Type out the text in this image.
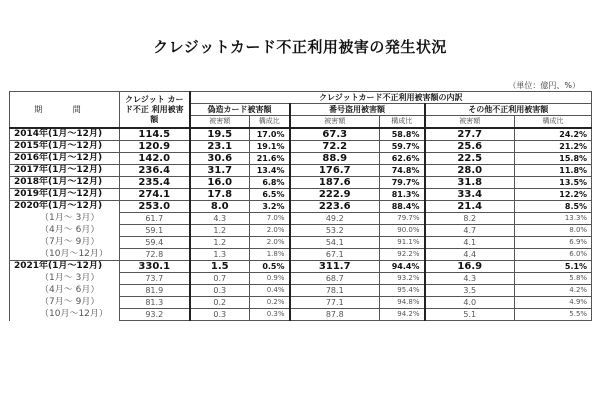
クレジットカード不正利用被害の発生状況
（単位：億円、%）
期 間	クレジット カード不正 利用被害額	クレジットカード不正利用被害額の内訳					
		偽造カード被害額		番号盗用被害額		その他不正利用被害額	
		被害額	構成比	被害額	構成比	被害額	構成比
2014年(1月〜12月)	114.5	19.5	17.0%	67.3	58.8%	27.7	24.2%
2015年(1月〜12月)	120.9	23.1	19.1%	72.2	59.7%	25.6	21.2%
2016年(1月〜12月)	142.0	30.6	21.6%	88.9	62.6%	22.5	15.8%
2017年(1月〜12月)	236.4	31.7	13.4%	176.7	74.8%	28.0	11.8%
2018年(1月〜12月)	235.4	16.0	6.8%	187.6	79.7%	31.8	13.5%
2019年(1月〜12月)	274.1	17.8	6.5%	222.9	81.3%	33.4	12.2%
2020年(1月〜12月)	253.0	8.0	3.2%	223.6	88.4%	21.4	8.5%
（1月〜 3月）	61.7	4.3	7.0%	49.2	79.7%	8.2	13.3%
（4月〜 6月）	59.1	1.2	2.0%	53.2	90.0%	4.7	8.0%
（7月〜 9月）	59.4	1.2	2.0%	54.1	91.1%	4.1	6.9%
（10月〜12月）	72.8	1.3	1.8%	67.1	92.2%	4.4	6.0%
2021年(1月〜12月)	330.1	1.5	0.5%	311.7	94.4%	16.9	5.1%
（1月〜 3月）	73.7	0.7	0.9%	68.7	93.2%	4.3	5.8%
（4月〜 6月）	81.9	0.3	0.4%	78.1	95.4%	3.5	4.2%
（7月〜 9月）	81.3	0.2	0.2%	77.1	94.8%	4.0	4.9%
（10月〜12月）	93.2	0.3	0.3%	87.8	94.2%	5.1	5.5%
